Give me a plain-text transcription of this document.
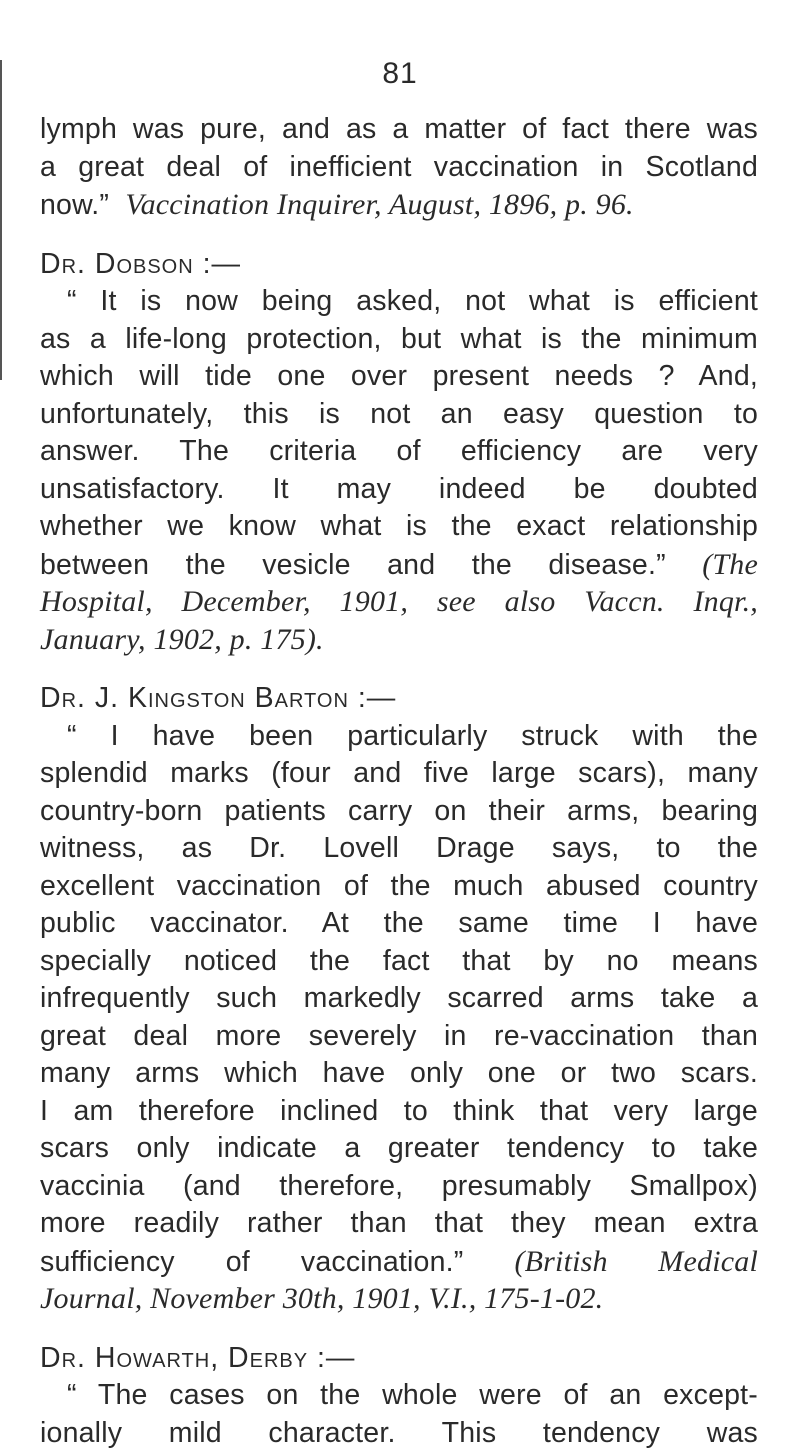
81
lymph was pure, and as a matter of fact there was
a great deal of inefficient vaccination in Scotland
now.” Vaccination Inquirer, August, 1896, p. 96.
Dr. Dobson :—
“ It is now being asked, not what is efficient
as a life-long protection, but what is the minimum
which will tide one over present needs ? And,
unfortunately, this is not an easy question to
answer. The criteria of efficiency are very
unsatisfactory. It may indeed be doubted
whether we know what is the exact relationship
between the vesicle and the disease.” (The
Hospital, December, 1901, see also Vaccn. Inqr.,
January, 1902, p. 175).
Dr. J. Kingston Barton :—
“ I have been particularly struck with the
splendid marks (four and five large scars), many
country-born patients carry on their arms, bearing
witness, as Dr. Lovell Drage says, to the
excellent vaccination of the much abused country
public vaccinator. At the same time I have
specially noticed the fact that by no means
infrequently such markedly scarred arms take a
great deal more severely in re-vaccination than
many arms which have only one or two scars.
I am therefore inclined to think that very large
scars only indicate a greater tendency to take
vaccinia (and therefore, presumably Smallpox)
more readily rather than that they mean extra
sufficiency of vaccination.” (British Medical
Journal, November 30th, 1901, V.I., 175-1-02.
Dr. Howarth, Derby :—
“ The cases on the whole were of an except-
ionally mild character. This tendency was
